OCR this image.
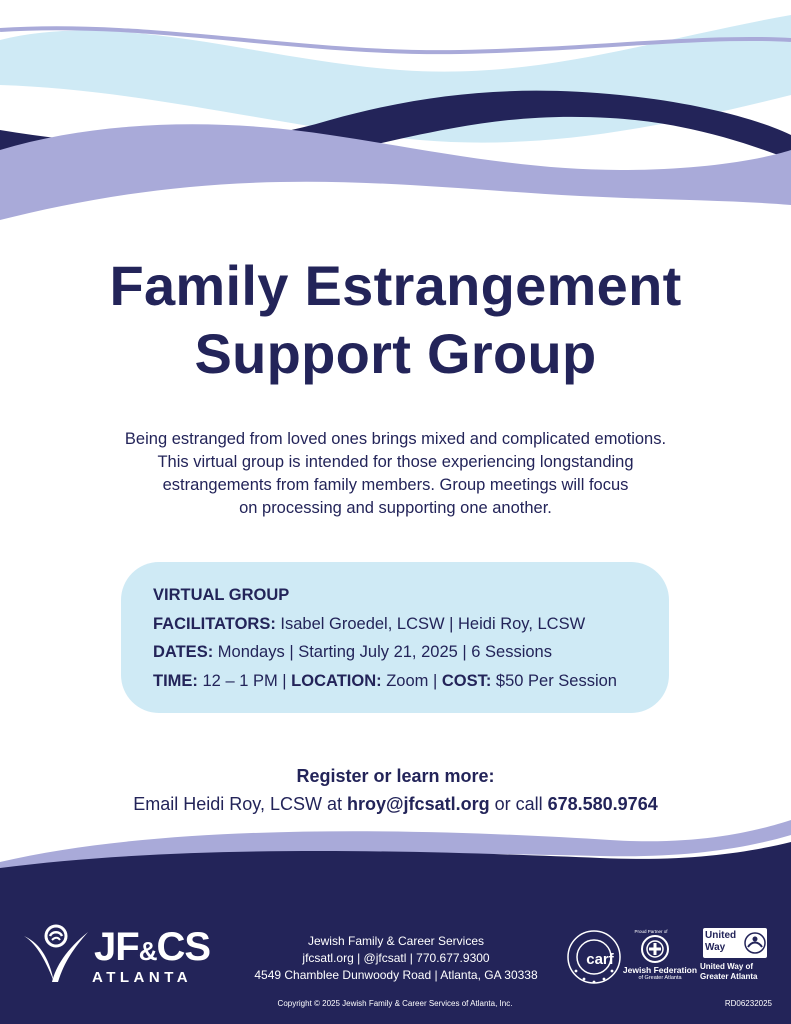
Family Estrangement
Support Group
Being estranged from loved ones brings mixed and complicated emotions.
This virtual group is intended for those experiencing longstanding
estrangements from family members. Group meetings will focus
on processing and supporting one another.
VIRTUAL GROUP
FACILITATORS: Isabel Groedel, LCSW | Heidi Roy, LCSW
DATES: Mondays | Starting July 21, 2025 | 6 Sessions
TIME: 12 – 1 PM | LOCATION: Zoom | COST: $50 Per Session
Register or learn more:
Email Heidi Roy, LCSW at hroy@jfcsatl.org or call 678.580.9764
JF&CS
ATLANTA
Jewish Family & Career Services
jfcsatl.org | @jfcsatl | 770.677.9300
4549 Chamblee Dunwoody Road | Atlanta, GA 30338
carf
Proud Partner of
Jewish Federation
of Greater Atlanta
United Way
United Way of
Greater Atlanta
Copyright © 2025 Jewish Family & Career Services of Atlanta, Inc.	RD06232025
